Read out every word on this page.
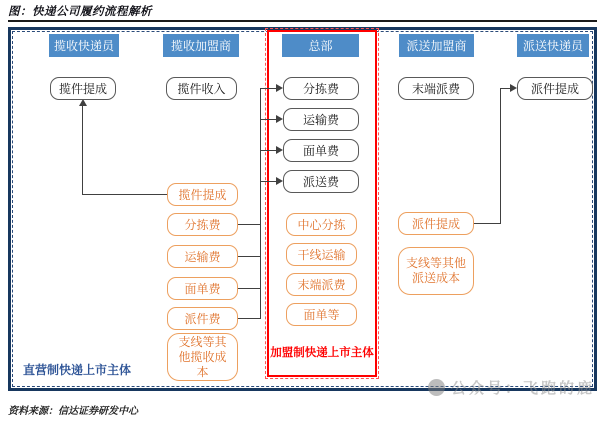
图：快递公司履约流程解析
揽收快递员	揽收加盟商	总部	派送加盟商	派送快递员
揽件提成	揽件收入
揽件提成
分拣费
运输费
面单费
派件费
支线等其他揽收成本
分拣费
运输费
面单费
派送费
中心分拣
干线运输
末端派费
面单等
加盟制快递上市主体
末端派费
派件提成
支线等其他派送成本
派件提成
直营制快递上市主体
资料来源：信达证券研发中心
公众号：飞跑的鹿
